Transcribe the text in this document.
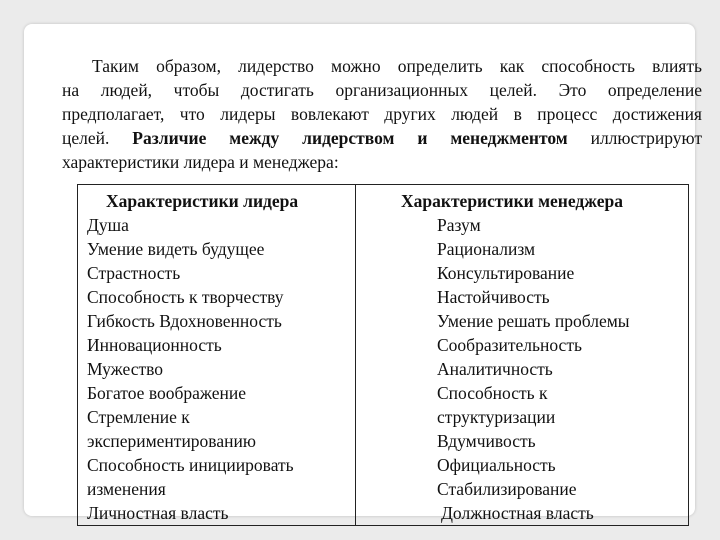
Таким образом, лидерство можно определить как способность влиять
на людей, чтобы достигать организационных целей. Это определение
предполагает, что лидеры вовлекают других людей в процесс достижения
целей. Различие между лидерством и менеджментом иллюстрируют
характеристики лидера и менеджера:
Характеристики лидера
Душа
Умение видеть будущее
Страстность
Способность к творчеству
Гибкость Вдохновенность
Инновационность
Мужество
Богатое воображение
Стремление к
экспериментированию
Способность инициировать
изменения
Личностная власть
Характеристики менеджера
Разум
Рационализм
Консультирование
Настойчивость
Умение решать проблемы
Сообразительность
Аналитичность
Способность к
структуризации
Вдумчивость
Официальность
Стабилизирование
Должностная власть
